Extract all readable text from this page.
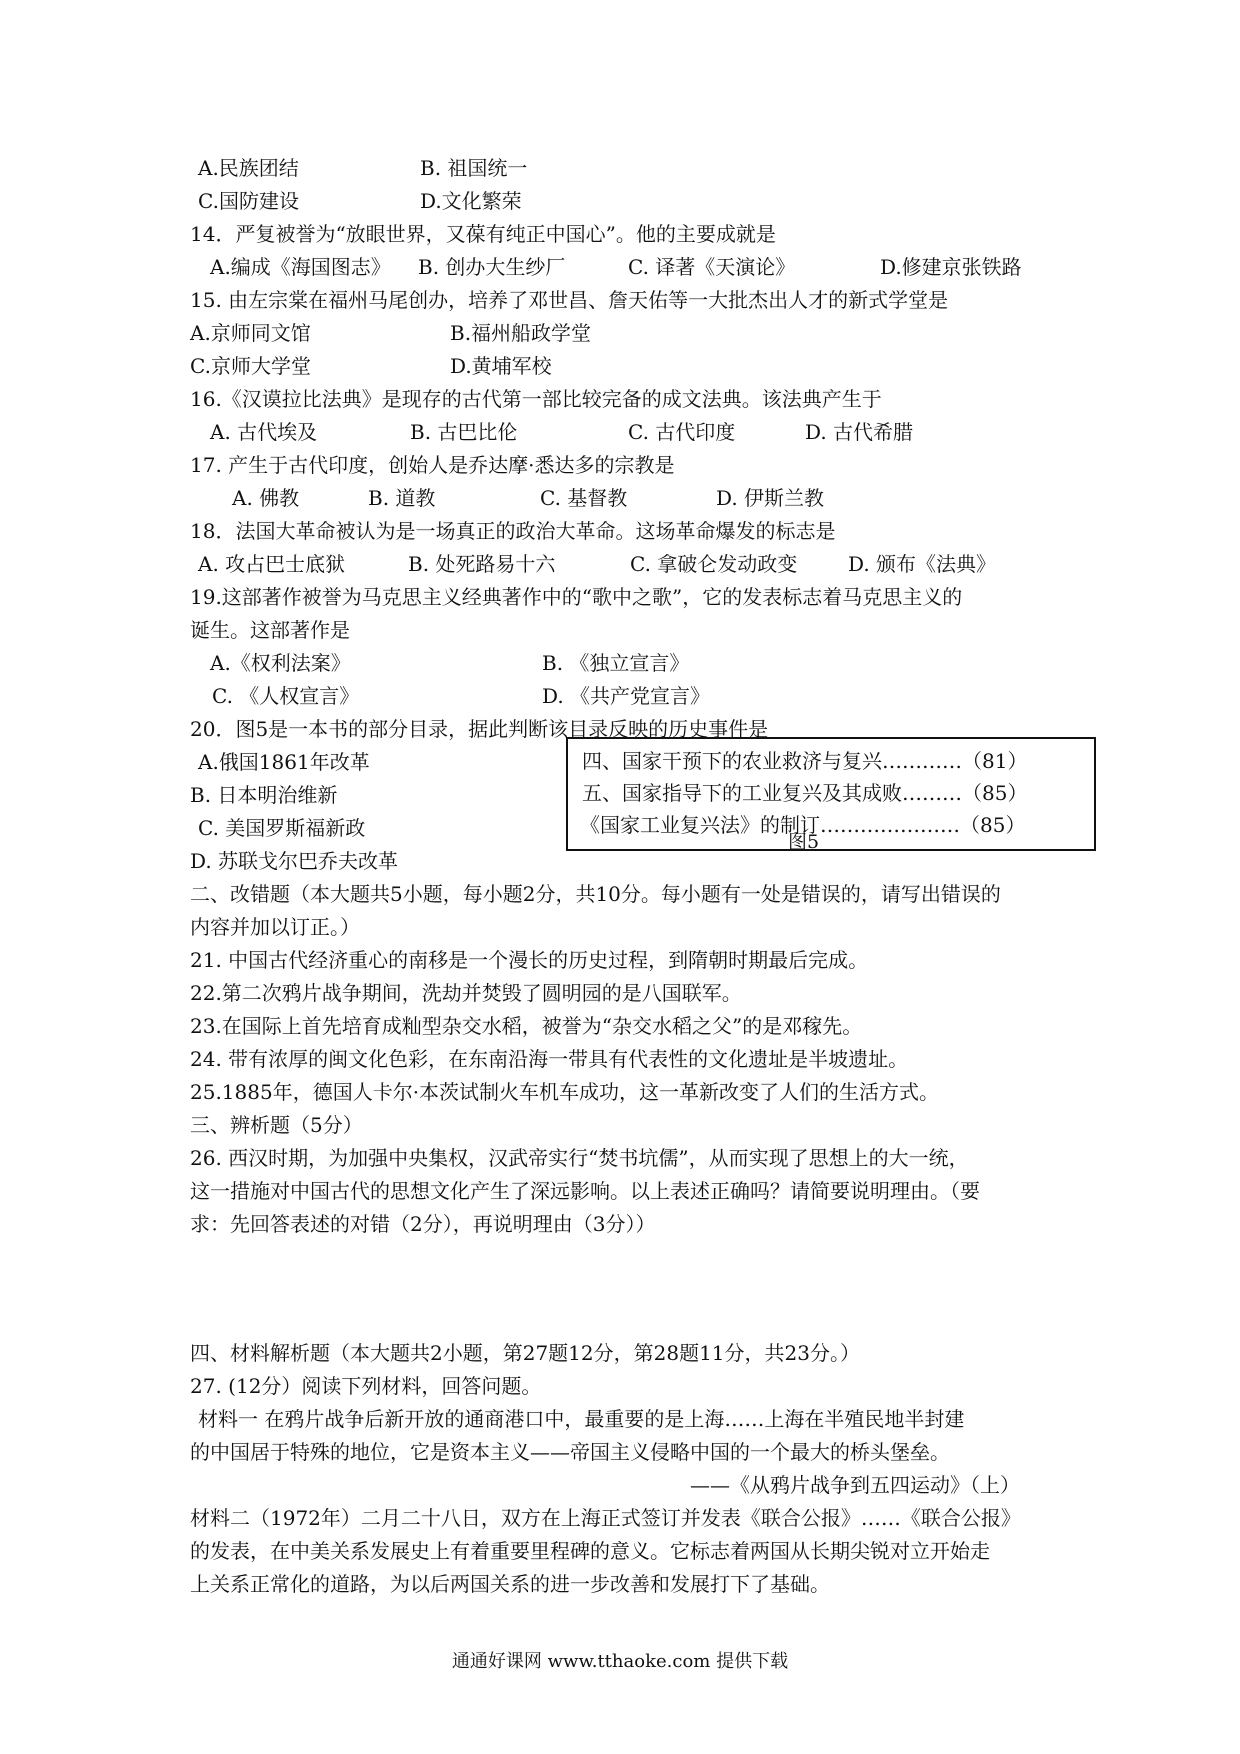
A.民族团结	B. 祖国统一
C.国防建设	D.文化繁荣
14．严复被誉为“放眼世界，又葆有纯正中国心”。他的主要成就是
A.编成《海国图志》 B. 创办大生纱厂	C. 译著《天演论》	D.修建京张铁路
15. 由左宗棠在福州马尾创办，培养了邓世昌、詹天佑等一大批杰出人才的新式学堂是
A.京师同文馆	B.福州船政学堂
C.京师大学堂	D.黄埔军校
16.《汉谟拉比法典》是现存的古代第一部比较完备的成文法典。该法典产生于
A. 古代埃及	B. 古巴比伦	C. 古代印度	D. 古代希腊
17. 产生于古代印度，创始人是乔达摩·悉达多的宗教是
A. 佛教	B. 道教	C. 基督教	D. 伊斯兰教
18．法国大革命被认为是一场真正的政治大革命。这场革命爆发的标志是
A. 攻占巴士底狱	B. 处死路易十六	C. 拿破仑发动政变	D. 颁布《法典》
19.这部著作被誉为马克思主义经典著作中的“歌中之歌”，它的发表标志着马克思主义的
诞生。这部著作是
A.《权利法案》	B. 《独立宣言》
C. 《人权宣言》	D. 《共产党宣言》
20．图5是一本书的部分目录，据此判断该目录反映的历史事件是
A.俄国1861年改革
B. 日本明治维新
C. 美国罗斯福新政
D. 苏联戈尔巴乔夫改革
四、国家干预下的农业救济与复兴…………（81）
五、国家指导下的工业复兴及其成败………（85）
《国家工业复兴法》的制订…………………（85）
图5
二、改错题（本大题共5小题，每小题2分，共10分。每小题有一处是错误的，请写出错误的
内容并加以订正。）
21. 中国古代经济重心的南移是一个漫长的历史过程，到隋朝时期最后完成。
22.第二次鸦片战争期间，洗劫并焚毁了圆明园的是八国联军。
23.在国际上首先培育成籼型杂交水稻，被誉为“杂交水稻之父”的是邓稼先。
24. 带有浓厚的闽文化色彩，在东南沿海一带具有代表性的文化遗址是半坡遗址。
25.1885年，德国人卡尔·本茨试制火车机车成功，这一革新改变了人们的生活方式。
三、辨析题（5分）
26. 西汉时期，为加强中央集权，汉武帝实行“焚书坑儒”，从而实现了思想上的大一统，
这一措施对中国古代的思想文化产生了深远影响。以上表述正确吗？请简要说明理由。（要
求：先回答表述的对错（2分），再说明理由（3分））
四、材料解析题（本大题共2小题，第27题12分，第28题11分，共23分。）
27. (12分）阅读下列材料，回答问题。
材料一 在鸦片战争后新开放的通商港口中，最重要的是上海……上海在半殖民地半封建
的中国居于特殊的地位，它是资本主义——帝国主义侵略中国的一个最大的桥头堡垒。
——《从鸦片战争到五四运动》（上）
材料二（1972年）二月二十八日，双方在上海正式签订并发表《联合公报》……《联合公报》
的发表，在中美关系发展史上有着重要里程碑的意义。它标志着两国从长期尖锐对立开始走
上关系正常化的道路，为以后两国关系的进一步改善和发展打下了基础。
通通好课网 www.tthaoke.com 提供下载
